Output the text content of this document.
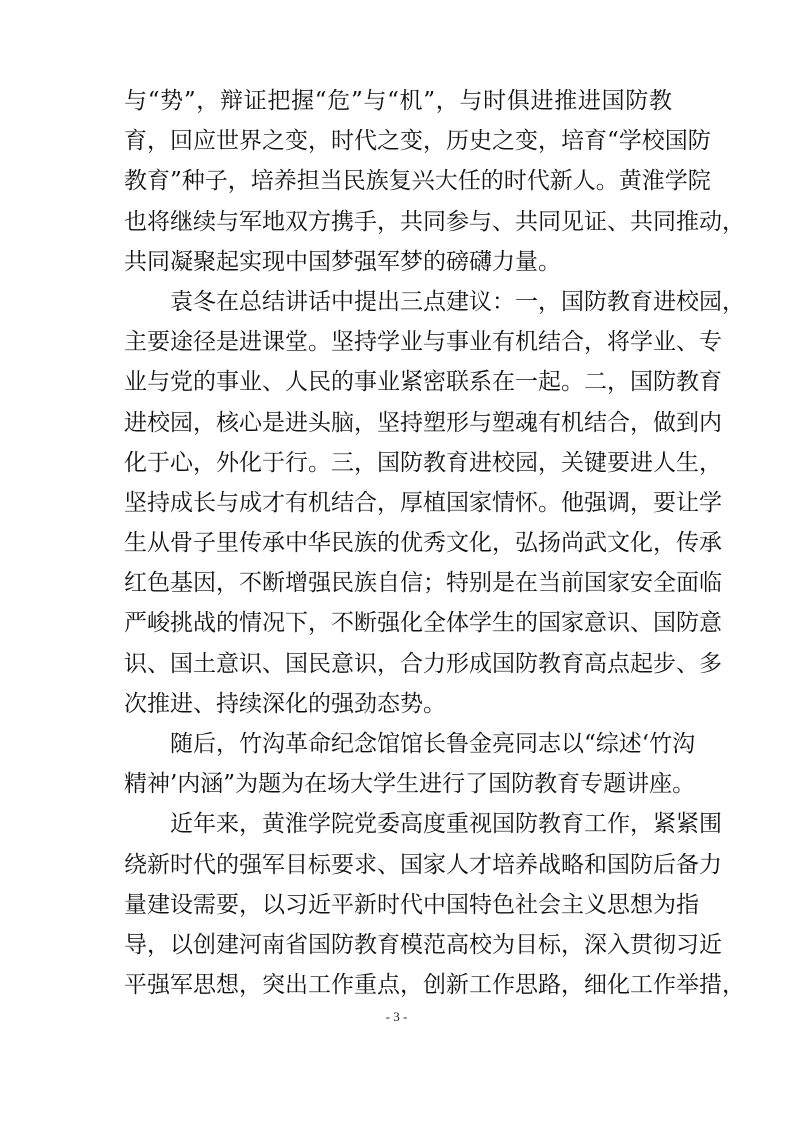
与“势”，辩证把握“危”与“机”，与时俱进推进国防教
育，回应世界之变，时代之变，历史之变，培育“学校国防
教育”种子，培养担当民族复兴大任的时代新人。黄淮学院
也将继续与军地双方携手，共同参与、共同见证、共同推动，
共同凝聚起实现中国梦强军梦的磅礴力量。
袁冬在总结讲话中提出三点建议：一，国防教育进校园，
主要途径是进课堂。坚持学业与事业有机结合，将学业、专
业与党的事业、人民的事业紧密联系在一起。二，国防教育
进校园，核心是进头脑，坚持塑形与塑魂有机结合，做到内
化于心，外化于行。三，国防教育进校园，关键要进人生，
坚持成长与成才有机结合，厚植国家情怀。他强调，要让学
生从骨子里传承中华民族的优秀文化，弘扬尚武文化，传承
红色基因，不断增强民族自信；特别是在当前国家安全面临
严峻挑战的情况下，不断强化全体学生的国家意识、国防意
识、国土意识、国民意识，合力形成国防教育高点起步、多
次推进、持续深化的强劲态势。
随后，竹沟革命纪念馆馆长鲁金亮同志以“综述‘竹沟
精神’内涵”为题为在场大学生进行了国防教育专题讲座。
近年来，黄淮学院党委高度重视国防教育工作，紧紧围
绕新时代的强军目标要求、国家人才培养战略和国防后备力
量建设需要，以习近平新时代中国特色社会主义思想为指
导，以创建河南省国防教育模范高校为目标，深入贯彻习近
平强军思想，突出工作重点，创新工作思路，细化工作举措，
- 3 -
